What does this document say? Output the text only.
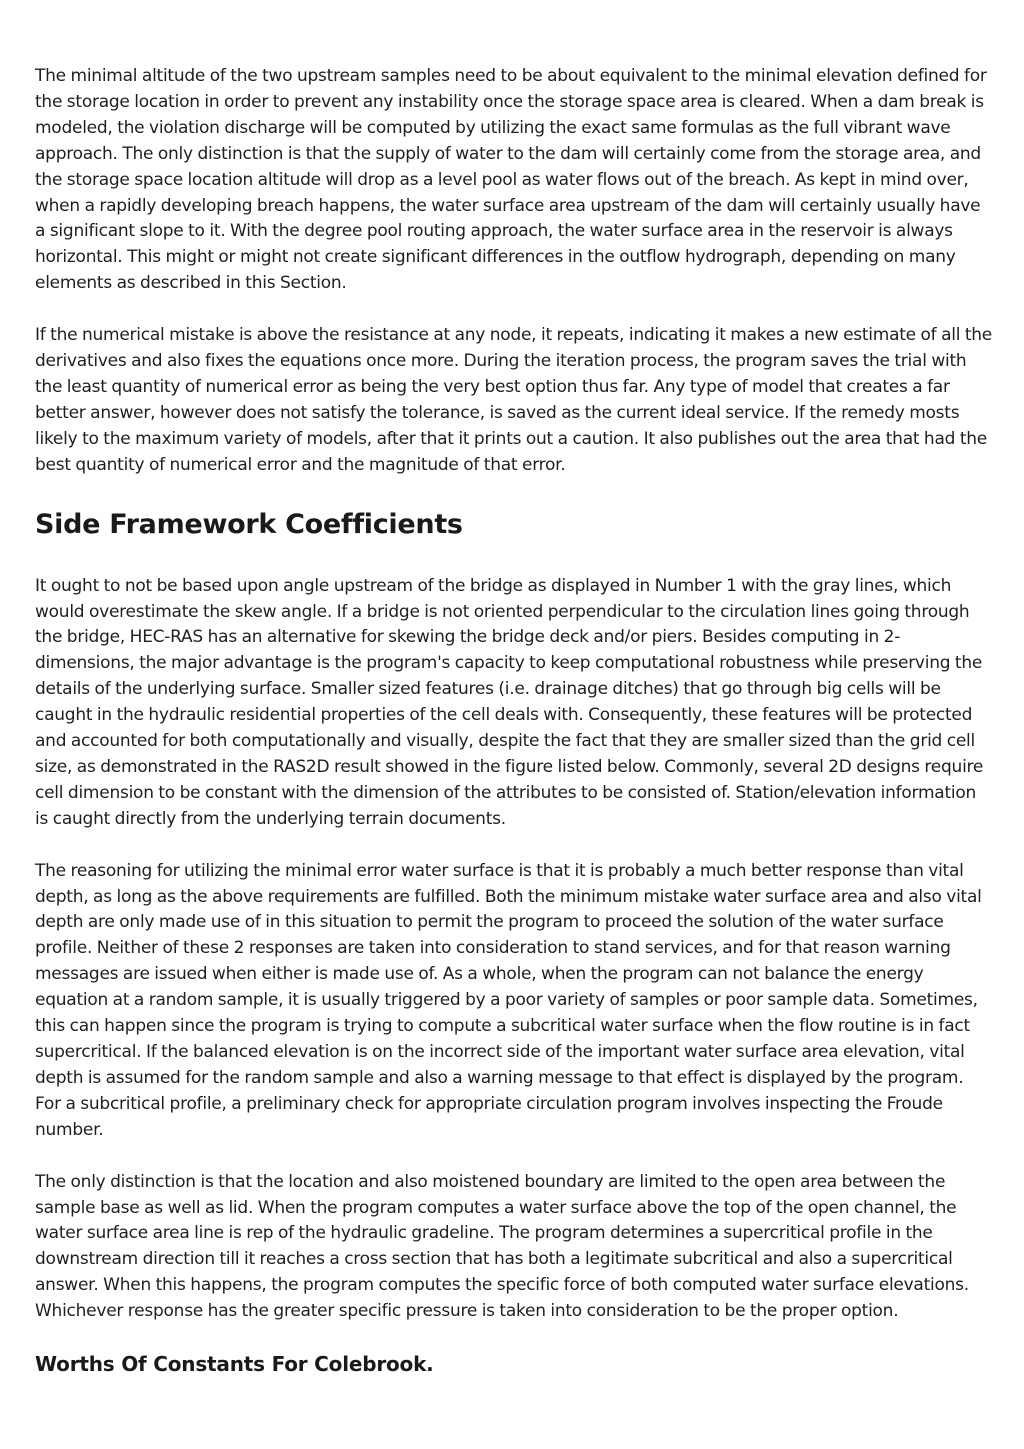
The minimal altitude of the two upstream samples need to be about equivalent to the minimal elevation defined for the storage location in order to prevent any instability once the storage space area is cleared. When a dam break is modeled, the violation discharge will be computed by utilizing the exact same formulas as the full vibrant wave approach. The only distinction is that the supply of water to the dam will certainly come from the storage area, and the storage space location altitude will drop as a level pool as water flows out of the breach. As kept in mind over, when a rapidly developing breach happens, the water surface area upstream of the dam will certainly usually have a significant slope to it. With the degree pool routing approach, the water surface area in the reservoir is always horizontal. This might or might not create significant differences in the outflow hydrograph, depending on many elements as described in this Section.

If the numerical mistake is above the resistance at any node, it repeats, indicating it makes a new estimate of all the derivatives and also fixes the equations once more. During the iteration process, the program saves the trial with the least quantity of numerical error as being the very best option thus far. Any type of model that creates a far better answer, however does not satisfy the tolerance, is saved as the current ideal service. If the remedy mosts likely to the maximum variety of models, after that it prints out a caution. It also publishes out the area that had the best quantity of numerical error and the magnitude of that error.

Side Framework Coefficients

It ought to not be based upon angle upstream of the bridge as displayed in Number 1 with the gray lines, which would overestimate the skew angle. If a bridge is not oriented perpendicular to the circulation lines going through the bridge, HEC-RAS has an alternative for skewing the bridge deck and/or piers. Besides computing in 2-dimensions, the major advantage is the program's capacity to keep computational robustness while preserving the details of the underlying surface. Smaller sized features (i.e. drainage ditches) that go through big cells will be caught in the hydraulic residential properties of the cell deals with. Consequently, these features will be protected and accounted for both computationally and visually, despite the fact that they are smaller sized than the grid cell size, as demonstrated in the RAS2D result showed in the figure listed below. Commonly, several 2D designs require cell dimension to be constant with the dimension of the attributes to be consisted of. Station/elevation information is caught directly from the underlying terrain documents.

The reasoning for utilizing the minimal error water surface is that it is probably a much better response than vital depth, as long as the above requirements are fulfilled. Both the minimum mistake water surface area and also vital depth are only made use of in this situation to permit the program to proceed the solution of the water surface profile. Neither of these 2 responses are taken into consideration to stand services, and for that reason warning messages are issued when either is made use of. As a whole, when the program can not balance the energy equation at a random sample, it is usually triggered by a poor variety of samples or poor sample data. Sometimes, this can happen since the program is trying to compute a subcritical water surface when the flow routine is in fact supercritical. If the balanced elevation is on the incorrect side of the important water surface area elevation, vital depth is assumed for the random sample and also a warning message to that effect is displayed by the program. For a subcritical profile, a preliminary check for appropriate circulation program involves inspecting the Froude number.

The only distinction is that the location and also moistened boundary are limited to the open area between the sample base as well as lid. When the program computes a water surface above the top of the open channel, the water surface area line is rep of the hydraulic gradeline. The program determines a supercritical profile in the downstream direction till it reaches a cross section that has both a legitimate subcritical and also a supercritical answer. When this happens, the program computes the specific force of both computed water surface elevations. Whichever response has the greater specific pressure is taken into consideration to be the proper option.

Worths Of Constants For Colebrook.
